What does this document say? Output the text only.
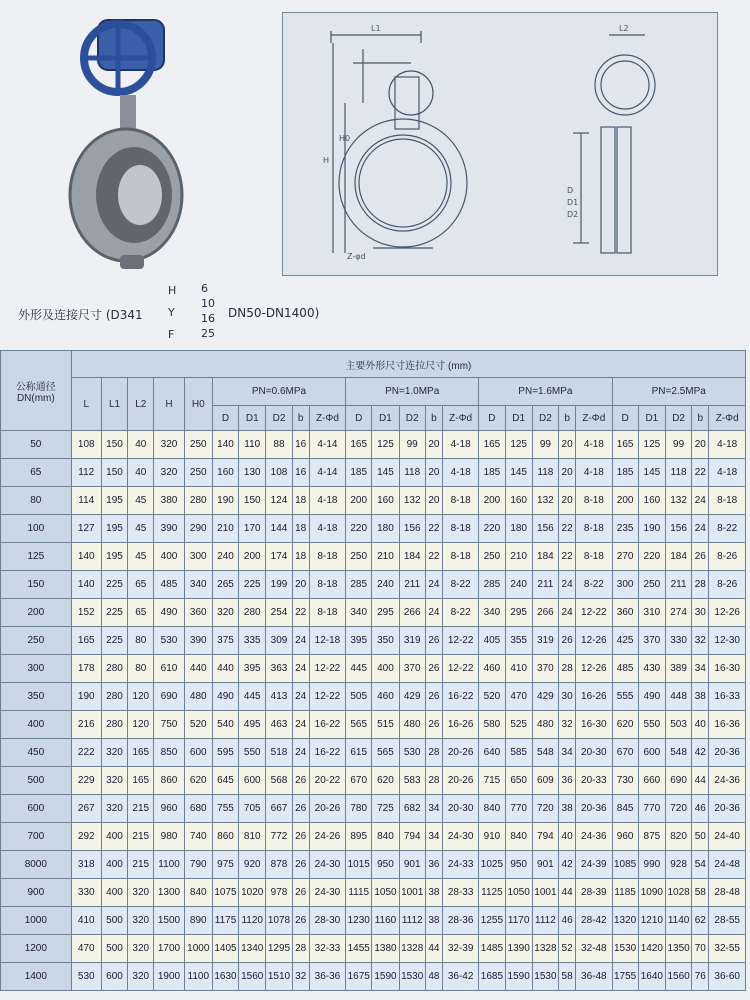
L1	L2
H
H0
Z-φd
D
D1
D2
外形及连接尺寸 (D341
H
Y
F
6
10
16
25
DN50-DN1400)
公称通径
DN(mm)	主要外形尺寸连拉尺寸 (mm)																								
	L	L1	L2	H	H0	PN=0.6MPa					PN=1.0MPa					PN=1.6MPa					PN=2.5MPa				
						D	D1	D2	b	Z-Φd	D	D1	D2	b	Z-Φd	D	D1	D2	b	Z-Φd	D	D1	D2	b	Z-Φd
50	108	150	40	320	250	140	110	88	16	4-14	165	125	99	20	4-18	165	125	99	20	4-18	165	125	99	20	4-18
65	112	150	40	320	250	160	130	108	16	4-14	185	145	118	20	4-18	185	145	118	20	4-18	185	145	118	22	4-18
80	114	195	45	380	280	190	150	124	18	4-18	200	160	132	20	8-18	200	160	132	20	8-18	200	160	132	24	8-18
100	127	195	45	390	290	210	170	144	18	4-18	220	180	156	22	8-18	220	180	156	22	8-18	235	190	156	24	8-22
125	140	195	45	400	300	240	200	174	18	8-18	250	210	184	22	8-18	250	210	184	22	8-18	270	220	184	26	8-26
150	140	225	65	485	340	265	225	199	20	8-18	285	240	211	24	8-22	285	240	211	24	8-22	300	250	211	28	8-26
200	152	225	65	490	360	320	280	254	22	8-18	340	295	266	24	8-22	340	295	266	24	12-22	360	310	274	30	12-26
250	165	225	80	530	390	375	335	309	24	12-18	395	350	319	26	12-22	405	355	319	26	12-26	425	370	330	32	12-30
300	178	280	80	610	440	440	395	363	24	12-22	445	400	370	26	12-22	460	410	370	28	12-26	485	430	389	34	16-30
350	190	280	120	690	480	490	445	413	24	12-22	505	460	429	26	16-22	520	470	429	30	16-26	555	490	448	38	16-33
400	216	280	120	750	520	540	495	463	24	16-22	565	515	480	26	16-26	580	525	480	32	16-30	620	550	503	40	16-36
450	222	320	165	850	600	595	550	518	24	16-22	615	565	530	28	20-26	640	585	548	34	20-30	670	600	548	42	20-36
500	229	320	165	860	620	645	600	568	26	20-22	670	620	583	28	20-26	715	650	609	36	20-33	730	660	690	44	24-36
600	267	320	215	960	680	755	705	667	26	20-26	780	725	682	34	20-30	840	770	720	38	20-36	845	770	720	46	20-36
700	292	400	215	980	740	860	810	772	26	24-26	895	840	794	34	24-30	910	840	794	40	24-36	960	875	820	50	24-40
8000	318	400	215	1100	790	975	920	878	26	24-30	1015	950	901	36	24-33	1025	950	901	42	24-39	1085	990	928	54	24-48
900	330	400	320	1300	840	1075	1020	978	26	24-30	1115	1050	1001	38	28-33	1125	1050	1001	44	28-39	1185	1090	1028	58	28-48
1000	410	500	320	1500	890	1175	1120	1078	26	28-30	1230	1160	1112	38	28-36	1255	1170	1112	46	28-42	1320	1210	1140	62	28-55
1200	470	500	320	1700	1000	1405	1340	1295	28	32-33	1455	1380	1328	44	32-39	1485	1390	1328	52	32-48	1530	1420	1350	70	32-55
1400	530	600	320	1900	1100	1630	1560	1510	32	36-36	1675	1590	1530	48	36-42	1685	1590	1530	58	36-48	1755	1640	1560	76	36-60
